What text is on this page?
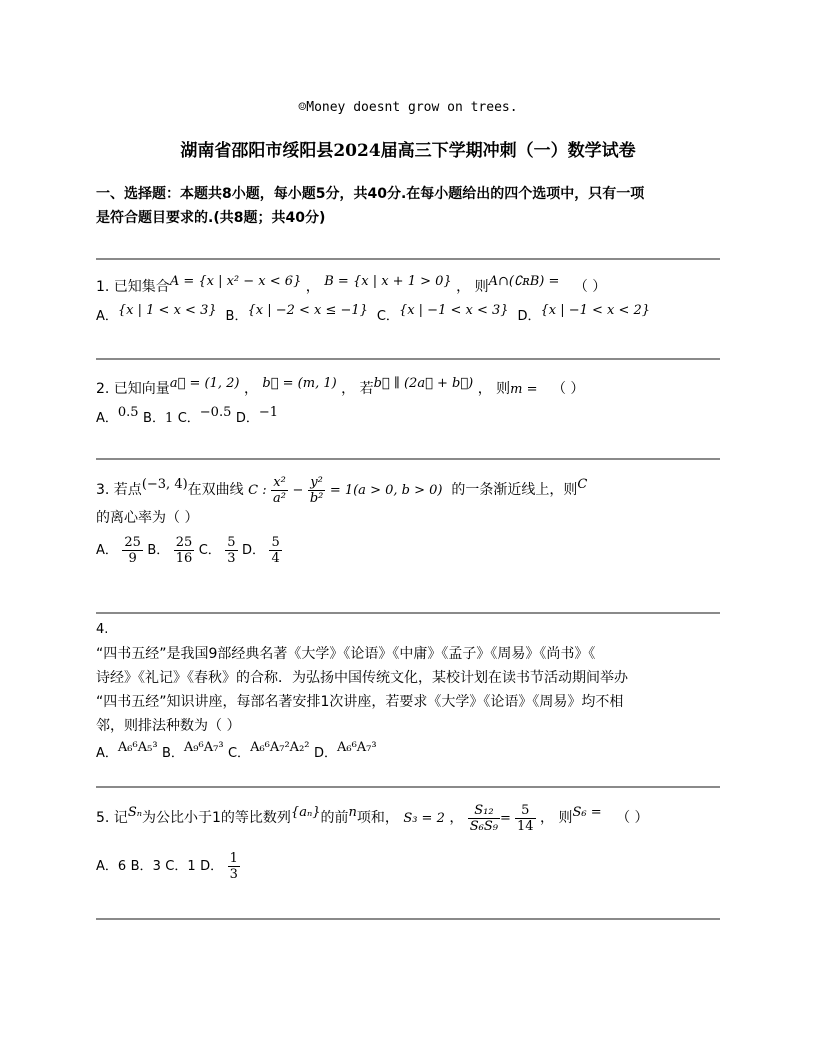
☺Money doesnt grow on trees.
湖南省邵阳市绥阳县2024届高三下学期冲刺（一）数学试卷
一、选择题：本题共8小题，每小题5分，共40分.在每小题给出的四个选项中，只有一项
是符合题目要求的.(共8题；共40分)
1. 已知集合A = {x | x² − x < 6} ， B = {x | x + 1 > 0} ， 则A∩(∁ʀB) = （ ）
A．{x | 1 < x < 3} B．{x | −2 < x ≤ −1} C．{x | −1 < x < 3} D．{x | −1 < x < 2}
2. 已知向量a⃗ = (1, 2) ， b⃗ = (m, 1) ， 若b⃗ ∥ (2a⃗ + b⃗) ， 则m = （ ）
A．0.5 B．1 C．−0.5 D．−1
3. 若点(−3, 4)在双曲线 C : $\frac{\text{x²}}{\text{a²}} - \frac{\text{y²}}{\text{b²}} = 1(a > 0$, b > 0) 的一条渐近线上，则C
的离心率为（ ）
A． $\frac{25}{9}$ B． $\frac{25}{16}$ C． $\frac{5}{3}$ D． $\frac{5}{4}$
4.
“四书五经”是我国9部经典名著《大学》《论语》《中庸》《孟子》《周易》《尚书》《
诗经》《礼记》《春秋》的合称．为弘扬中国传统文化，某校计划在读书节活动期间举办
“四书五经”知识讲座，每部名著安排1次讲座，若要求《大学》《论语》《周易》均不相
邻，则排法种数为（ ）
A．A₆⁶A₅³ B．A₉⁶A₇³ C．A₆⁶A₇²A₂² D．A₆⁶A₇³
5. 记Sₙ为公比小于1的等比数列{aₙ}的前n项和， S₃ = 2 ， $\frac{\text{S₁₂}}{\text{S₆S₉}} = \frac{5}{14}$ ， 则S₆ = （ ）
A．6 B．3 C．1 D． $\frac{1}{3}$
